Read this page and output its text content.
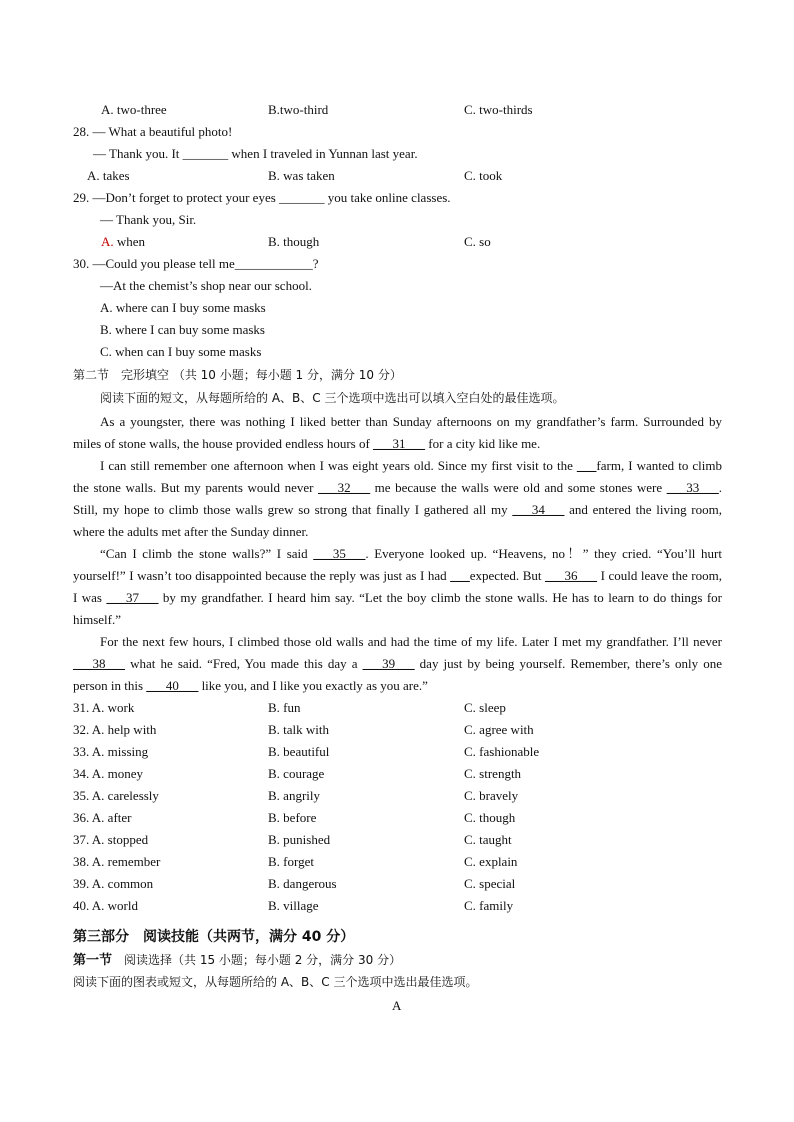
A. two-three	B.two-third	C. two-thirds
28. — What a beautiful photo!
— Thank you. It _______ when I traveled in Yunnan last year.
A. takes	B. was taken	C. took
29. —Don’t forget to protect your eyes _______ you take online classes.
— Thank you, Sir.
A. when	B. though	C. so
30. —Could you please tell me____________?
—At the chemist’s shop near our school.
A. where can I buy some masks
B. where I can buy some masks
C. when can I buy some masks
第二节　完形填空 （共 10 小题；每小题 1 分，满分 10 分）
阅读下面的短文，从每题所给的 A、B、C 三个选项中选出可以填入空白处的最佳选项。
As a youngster, there was nothing I liked better than Sunday afternoons on my grandfather’s farm. Surrounded by miles of stone walls, the house provided endless hours of ___31___ for a city kid like me.
I can still remember one afternoon when I was eight years old. Since my first visit to the ___farm, I wanted to climb the stone walls. But my parents would never ___32___ me because the walls were old and some stones were ___33___. Still, my hope to climb those walls grew so strong that finally I gathered all my ___34___ and entered the living room, where the adults met after the Sunday dinner.
“Can I climb the stone walls?” I said ___35___. Everyone looked up. “Heavens, no！” they cried. “You’ll hurt yourself!” I wasn’t too disappointed because the reply was just as I had ___expected. But ___36___ I could leave the room, I was ___37___ by my grandfather. I heard him say. “Let the boy climb the stone walls. He has to learn to do things for himself.”
For the next few hours, I climbed those old walls and had the time of my life. Later I met my grandfather. I’ll never ___38___ what he said. “Fred, You made this day a ___39___ day just by being yourself. Remember, there’s only one person in this ___40___ like you, and I like you exactly as you are.”
31. A. work	B. fun	C. sleep
32. A. help with	B. talk with	C. agree with
33. A. missing	B. beautiful	C. fashionable
34. A. money	B. courage	C. strength
35. A. carelessly	B. angrily	C. bravely
36. A. after	B. before	C. though
37. A. stopped	B. punished	C. taught
38. A. remember	B. forget	C. explain
39. A. common	B. dangerous	C. special
40. A. world	B. village	C. family
第三部分　阅读技能（共两节，满分 40 分）
第一节　阅读选择（共 15 小题；每小题 2 分，满分 30 分）
阅读下面的图表或短文，从每题所给的 A、B、C 三个选项中选出最佳选项。
A
